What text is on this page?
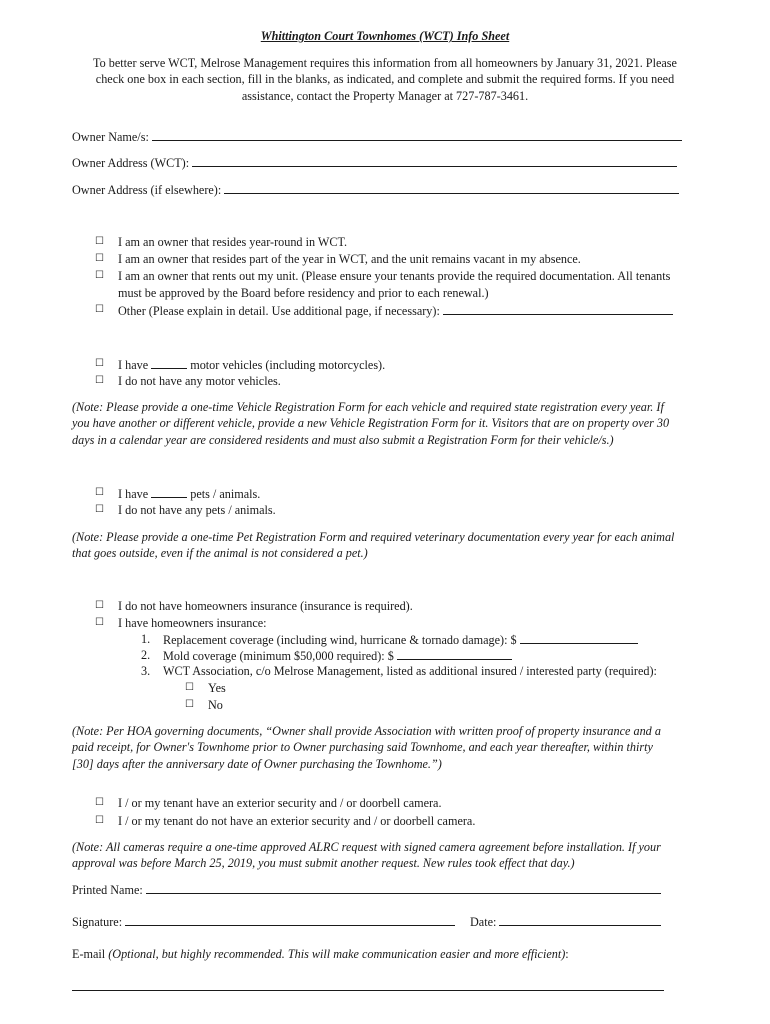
Whittington Court Townhomes (WCT) Info Sheet
To better serve WCT, Melrose Management requires this information from all homeowners by January 31, 2021. Please
check one box in each section, fill in the blanks, as indicated, and complete and submit the required forms. If you need
assistance, contact the Property Manager at 727-787-3461.
Owner Name/s:
Owner Address (WCT):
Owner Address (if elsewhere):
☐ I am an owner that resides year-round in WCT.
☐ I am an owner that resides part of the year in WCT, and the unit remains vacant in my absence.
☐ I am an owner that rents out my unit. (Please ensure your tenants provide the required documentation. All tenants
must be approved by the Board before residency and prior to each renewal.)
☐ Other (Please explain in detail. Use additional page, if necessary):
☐ I have	motor vehicles (including motorcycles).
☐ I do not have any motor vehicles.
(Note: Please provide a one-time Vehicle Registration Form for each vehicle and required state registration every year. If
you have another or different vehicle, provide a new Vehicle Registration Form for it. Visitors that are on property over 30
days in a calendar year are considered residents and must also submit a Registration Form for their vehicle/s.)
☐ I have	pets / animals.
☐ I do not have any pets / animals.
(Note: Please provide a one-time Pet Registration Form and required veterinary documentation every year for each animal
that goes outside, even if the animal is not considered a pet.)
☐ I do not have homeowners insurance (insurance is required).
☐ I have homeowners insurance:
1. Replacement coverage (including wind, hurricane & tornado damage): $
2. Mold coverage (minimum $50,000 required): $
3. WCT Association, c/o Melrose Management, listed as additional insured / interested party (required):
☐ Yes
☐ No
(Note: Per HOA governing documents, “Owner shall provide Association with written proof of property insurance and a
paid receipt, for Owner's Townhome prior to Owner purchasing said Townhome, and each year thereafter, within thirty
[30] days after the anniversary date of Owner purchasing the Townhome.”)
☐ I / or my tenant have an exterior security and / or doorbell camera.
☐ I / or my tenant do not have an exterior security and / or doorbell camera.
(Note: All cameras require a one-time approved ALRC request with signed camera agreement before installation. If your
approval was before March 25, 2019, you must submit another request. New rules took effect that day.)
Printed Name:
Signature:	Date:
E-mail (Optional, but highly recommended. This will make communication easier and more efficient):
